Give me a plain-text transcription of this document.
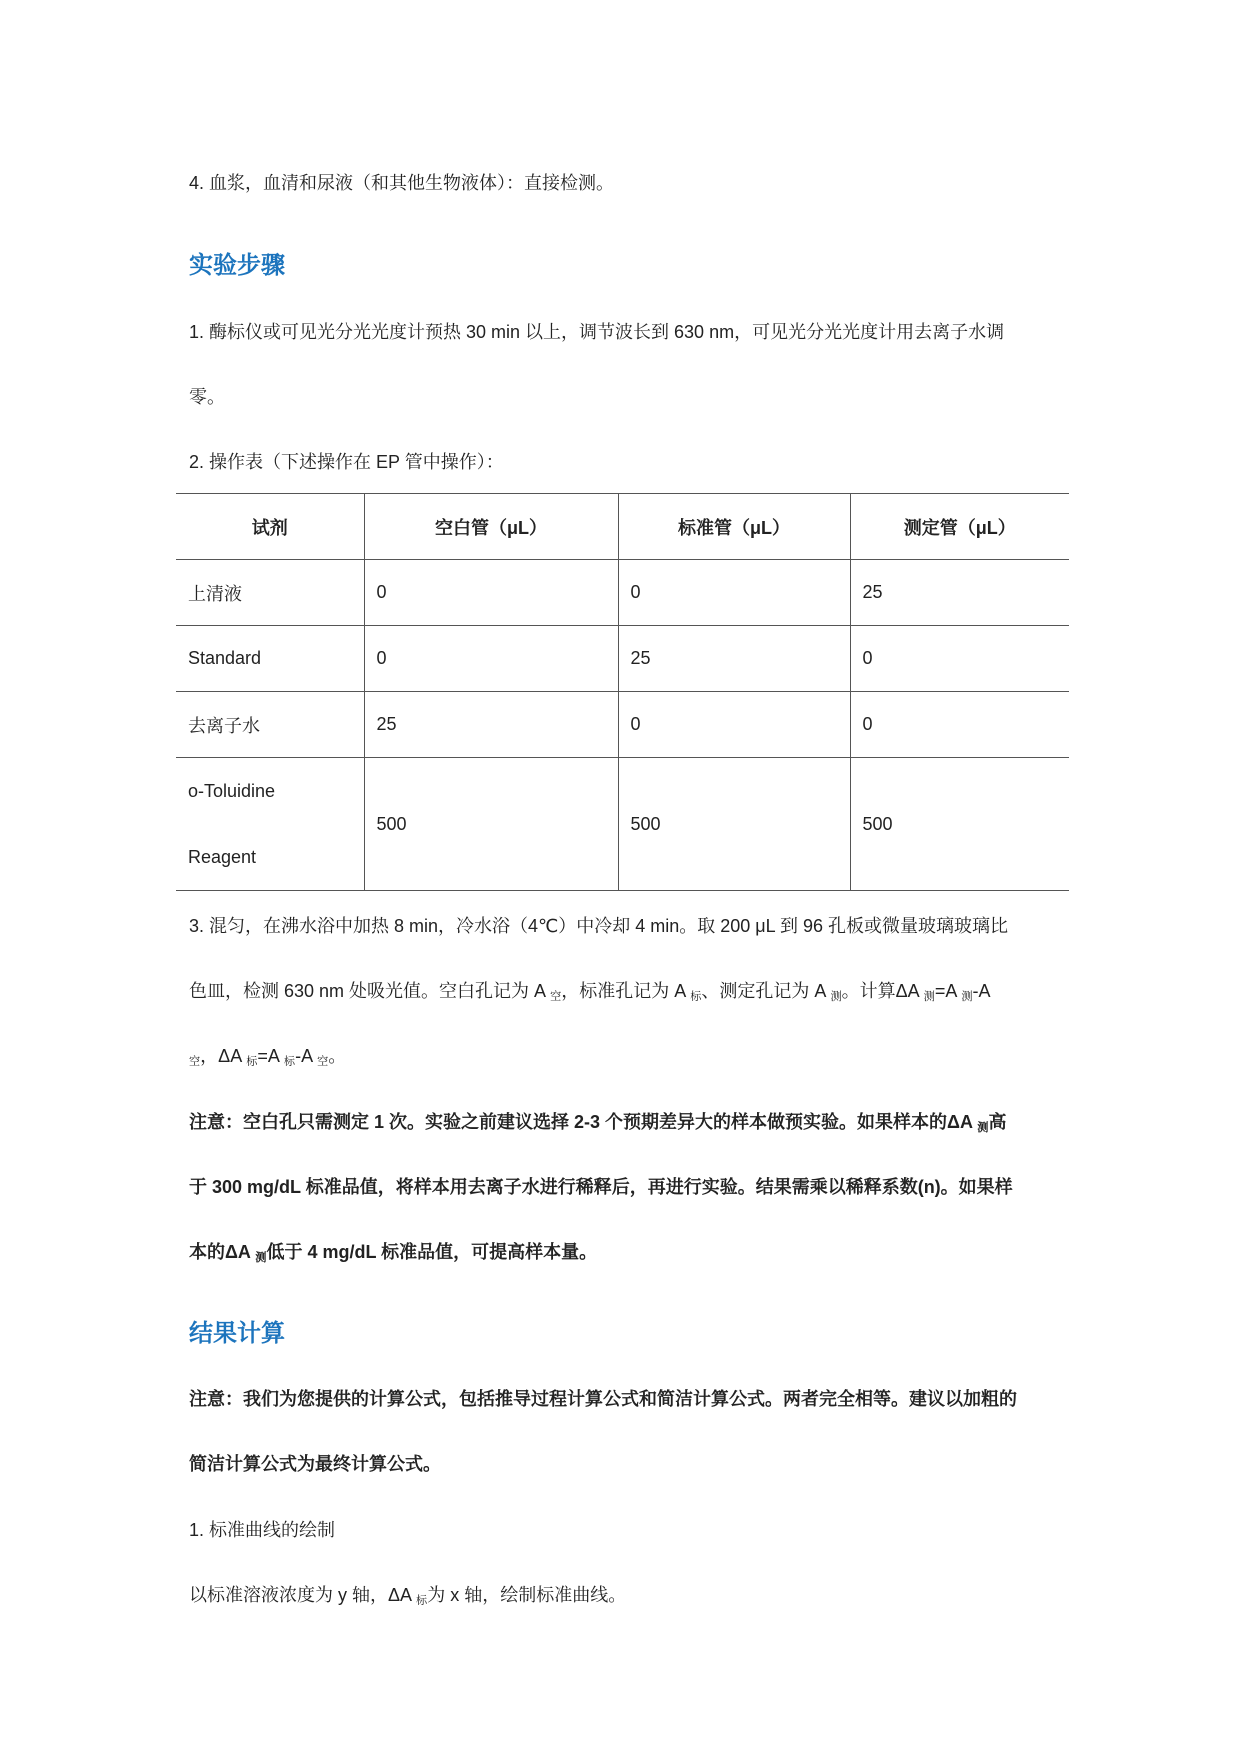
4. 血浆，血清和尿液（和其他生物液体）：直接检测。
实验步骤
1. 酶标仪或可见光分光光度计预热 30 min 以上，调节波长到 630 nm，可见光分光光度计用去离子水调
零。
2. 操作表（下述操作在 EP 管中操作）：
试剂	空白管（μL）	标准管（μL）	测定管（μL）
上清液	0	0	25
Standard	0	25	0
去离子水	25	0	0

o-Toluidine
Reagent	500	500	500
3. 混匀，在沸水浴中加热 8 min，冷水浴（4℃）中冷却 4 min。取 200 μL 到 96 孔板或微量玻璃玻璃比
色皿，检测 630 nm 处吸光值。空白孔记为 A $_空$，标准孔记为 A $_标$、测定孔记为 A $_测$。计算ΔA $_测$=A $_测$-A
$_空$，ΔA $_标$=A $_标$-A $_空$。
注意：空白孔只需测定 1 次。实验之前建议选择 2-3 个预期差异大的样本做预实验。如果样本的ΔA $_测$高
于 300 mg/dL 标准品值，将样本用去离子水进行稀释后，再进行实验。结果需乘以稀释系数(n)。如果样
本的ΔA $_测$低于 4 mg/dL 标准品值，可提高样本量。
结果计算
注意：我们为您提供的计算公式，包括推导过程计算公式和简洁计算公式。两者完全相等。建议以加粗的
简洁计算公式为最终计算公式。
1. 标准曲线的绘制
以标准溶液浓度为 y 轴，ΔA $_标$为 x 轴，绘制标准曲线。
